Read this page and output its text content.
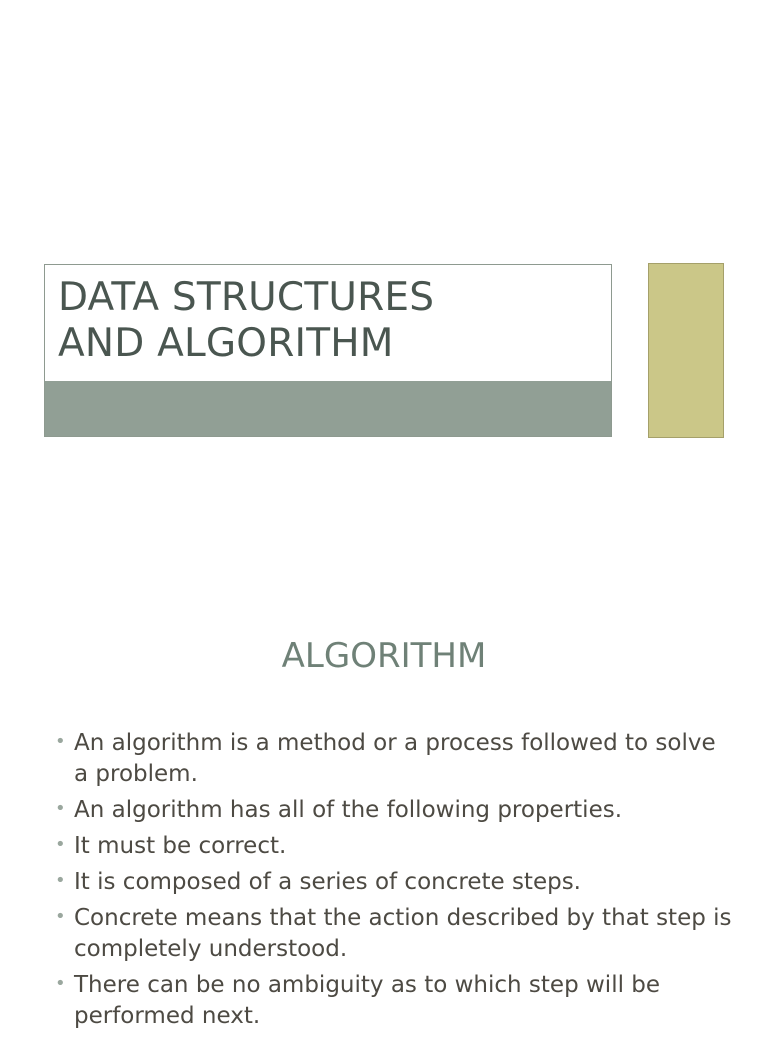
DATA STRUCTURES
AND ALGORITHM
ALGORITHM
• An algorithm is a method or a process followed to solve a problem.
• An algorithm has all of the following properties.
• It must be correct.
• It is composed of a series of concrete steps.
• Concrete means that the action described by that step is completely understood.
• There can be no ambiguity as to which step will be performed next.
